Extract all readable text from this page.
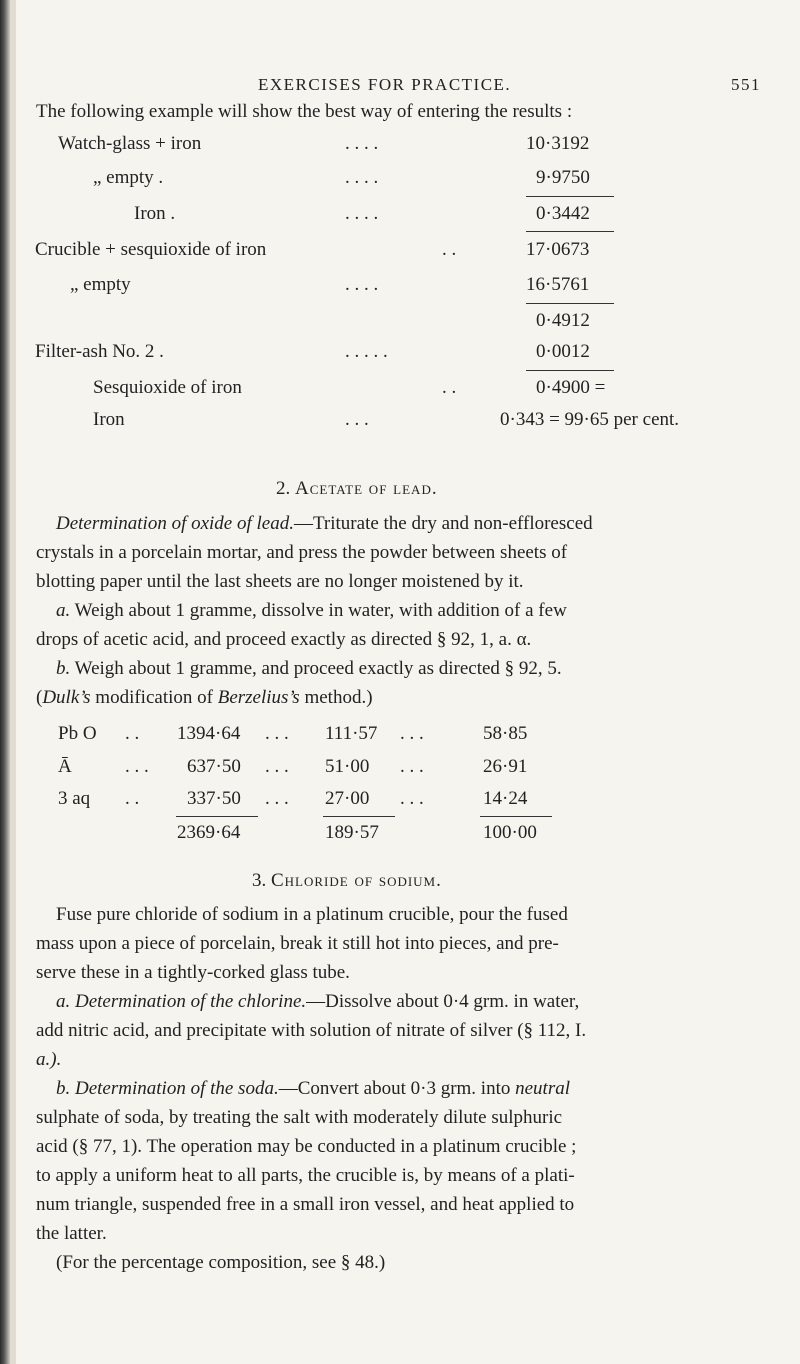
EXERCISES FOR PRACTICE.	551
The following example will show the best way of entering the results :
Watch-glass + iron	. . . .	10·3192
„ empty .	. . . .	9·9750
Iron .	. . . .	0·3442
Crucible + sesquioxide of iron	. .	17·0673
„ empty	. . . .	16·5761
0·4912
Filter-ash No. 2 .	. . . . .	0·0012
Sesquioxide of iron	. .	0·4900 =
Iron	. . .	0·343 = 99·65 per cent.
2. Acetate of lead.
Determination of oxide of lead.—Triturate the dry and non-effloresced
crystals in a porcelain mortar, and press the powder between sheets of
blotting paper until the last sheets are no longer moistened by it.
a. Weigh about 1 gramme, dissolve in water, with addition of a few
drops of acetic acid, and proceed exactly as directed § 92, 1, a. α.
b. Weigh about 1 gramme, and proceed exactly as directed § 92, 5.
(Dulk’s modification of Berzelius’s method.)
Pb O . . 1394·64 . . . 111·57 . . .	58·85
Ā	. . . 637·50 . . . 51·00 . . .	26·91
3 aq . .	337·50 . . . 27·00 . . .	14·24
2369·64	189·57	100·00
3. Chloride of sodium.
Fuse pure chloride of sodium in a platinum crucible, pour the fused
mass upon a piece of porcelain, break it still hot into pieces, and pre-
serve these in a tightly-corked glass tube.
a. Determination of the chlorine.—Dissolve about 0·4 grm. in water,
add nitric acid, and precipitate with solution of nitrate of silver (§ 112, I.
a.).
b. Determination of the soda.—Convert about 0·3 grm. into neutral
sulphate of soda, by treating the salt with moderately dilute sulphuric
acid (§ 77, 1). The operation may be conducted in a platinum crucible ;
to apply a uniform heat to all parts, the crucible is, by means of a plati-
num triangle, suspended free in a small iron vessel, and heat applied to
the latter.
(For the percentage composition, see § 48.)
